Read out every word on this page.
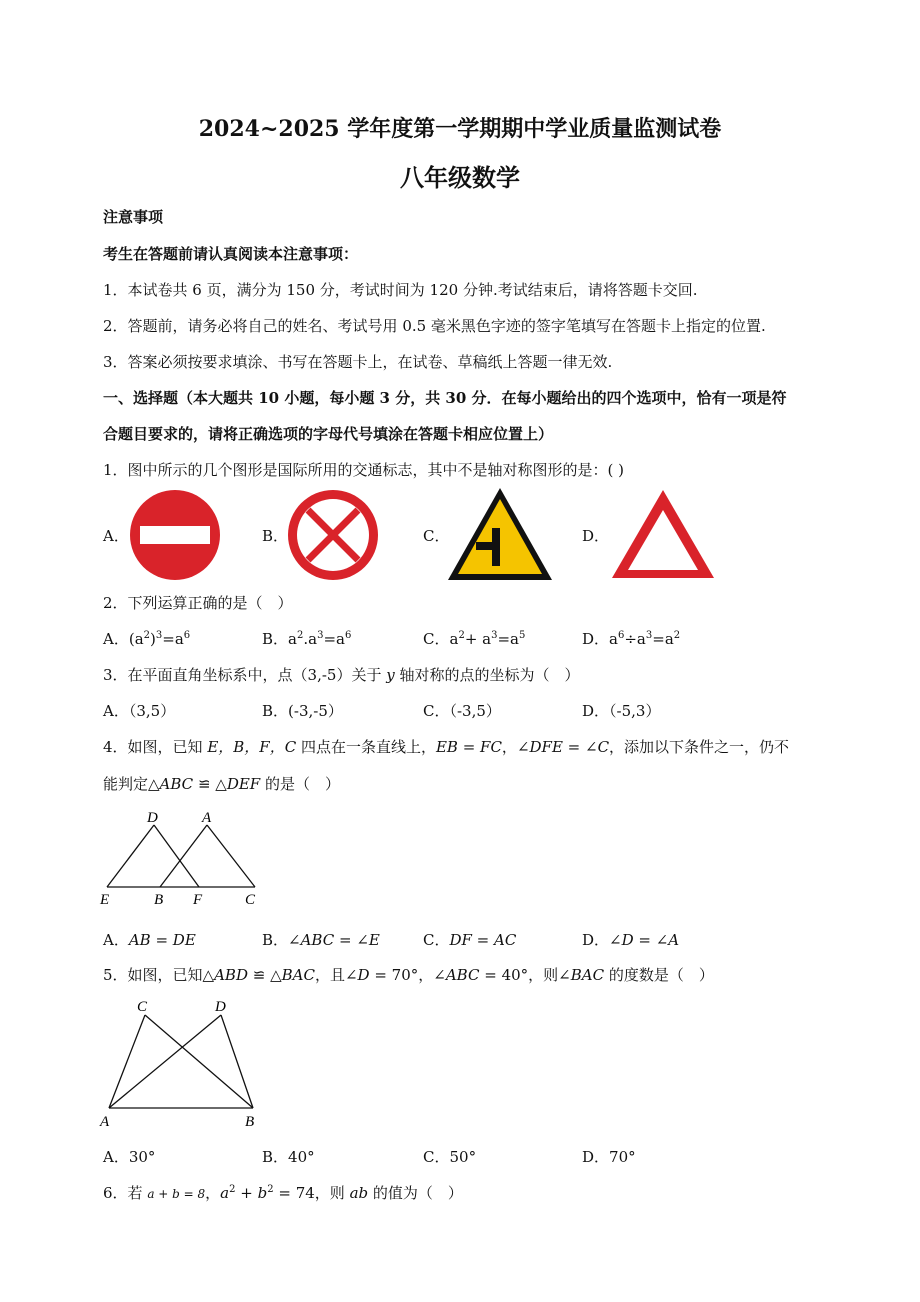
2024~2025 学年度第一学期期中学业质量监测试卷
八年级数学
注意事项
考生在答题前请认真阅读本注意事项：
1．本试卷共 6 页，满分为 150 分，考试时间为 120 分钟.考试结束后，请将答题卡交回.
2．答题前，请务必将自己的姓名、考试号用 0.5 毫米黑色字迹的签字笔填写在答题卡上指定的位置.
3．答案必须按要求填涂、书写在答题卡上，在试卷、草稿纸上答题一律无效.
一、选择题（本大题共 10 小题，每小题 3 分，共 30 分．在每小题给出的四个选项中，恰有一项是符
合题目要求的，请将正确选项的字母代号填涂在答题卡相应位置上）
1．图中所示的几个图形是国际所用的交通标志，其中不是轴对称图形的是：( )
A．	B．	C．	D．
2．下列运算正确的是（　）
A．$(a^2)^3=a^6$	B．$a^2.a^3=a^6$	C．$a^2+ a^3=a^5$	D．$a^6\div a^3=a^2$
3．在平面直角坐标系中，点（3,-5）关于 y 轴对称的点的坐标为（　）
A．（3,5）	B．(-3,-5）	C．（-3,5）	D．（-5,3）
4．如图，已知 E，B，F，C 四点在一条直线上，EB = FC，∠DFE = ∠C，添加以下条件之一，仍不
能判定△ABC ≌ △DEF 的是（　）
D	A
E	B F	C
A．AB = DE	B．∠ABC = ∠E	C．DF = AC	D．∠D = ∠A
5．如图，已知△ABD ≌ △BAC，且∠D = 70°，∠ABC = 40°，则∠BAC 的度数是（　）
C	D
A	B
A．30°	B．40°	C．50°	D．70°
6．若 a + b = 8，$a^2 + b^2 = 74$，则 ab 的值为（　）
